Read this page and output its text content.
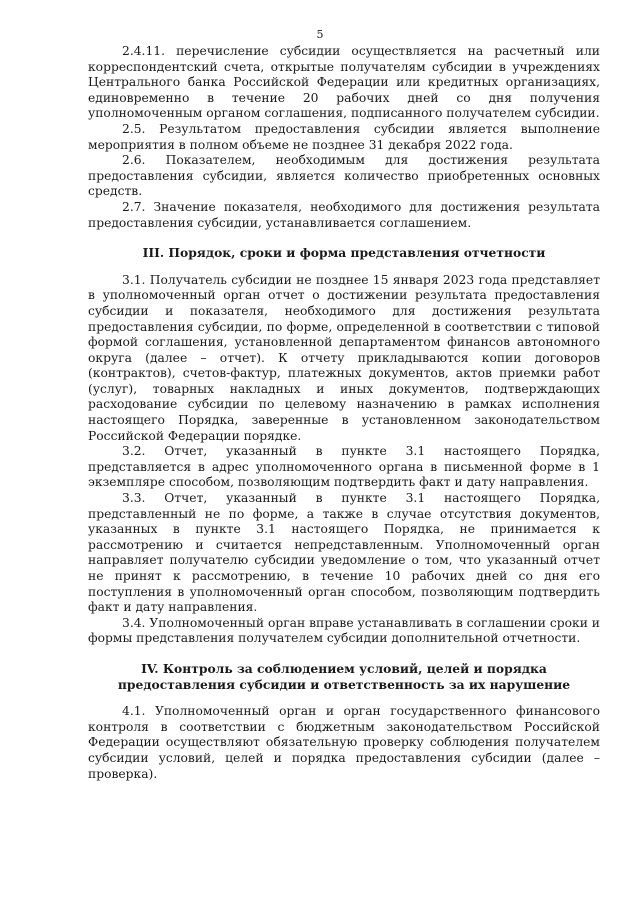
5

2.4.11. перечисление субсидии осуществляется на расчетный или корреспондентский счета, открытые получателям субсидии в учреждениях Центрального банка Российской Федерации или кредитных организациях, единовременно в течение 20 рабочих дней со дня получения уполномоченным органом соглашения, подписанного получателем субсидии.

2.5. Результатом предоставления субсидии является выполнение мероприятия в полном объеме не позднее 31 декабря 2022 года.

2.6. Показателем, необходимым для достижения результата предоставления субсидии, является количество приобретенных основных средств.

2.7. Значение показателя, необходимого для достижения результата предоставления субсидии, устанавливается соглашением.

III. Порядок, сроки и форма представления отчетности

3.1. Получатель субсидии не позднее 15 января 2023 года представляет в уполномоченный орган отчет о достижении результата предоставления субсидии и показателя, необходимого для достижения результата предоставления субсидии, по форме, определенной в соответствии с типовой формой соглашения, установленной департаментом финансов автономного округа (далее – отчет). К отчету прикладываются копии договоров (контрактов), счетов-фактур, платежных документов, актов приемки работ (услуг), товарных накладных и иных документов, подтверждающих расходование субсидии по целевому назначению в рамках исполнения настоящего Порядка, заверенные в установленном законодательством Российской Федерации порядке.

3.2. Отчет, указанный в пункте 3.1 настоящего Порядка, представляется в адрес уполномоченного органа в письменной форме в 1 экземпляре способом, позволяющим подтвердить факт и дату направления.

3.3. Отчет, указанный в пункте 3.1 настоящего Порядка, представленный не по форме, а также в случае отсутствия документов, указанных в пункте 3.1 настоящего Порядка, не принимается к рассмотрению и считается непредставленным. Уполномоченный орган направляет получателю субсидии уведомление о том, что указанный отчет не принят к рассмотрению, в течение 10 рабочих дней со дня его поступления в уполномоченный орган способом, позволяющим подтвердить факт и дату направления.

3.4. Уполномоченный орган вправе устанавливать в соглашении сроки и формы представления получателем субсидии дополнительной отчетности.

IV. Контроль за соблюдением условий, целей и порядка

предоставления субсидии и ответственность за их нарушение

4.1. Уполномоченный орган и орган государственного финансового контроля в соответствии с бюджетным законодательством Российской Федерации осуществляют обязательную проверку соблюдения получателем субсидии условий, целей и порядка предоставления субсидии (далее – проверка).
